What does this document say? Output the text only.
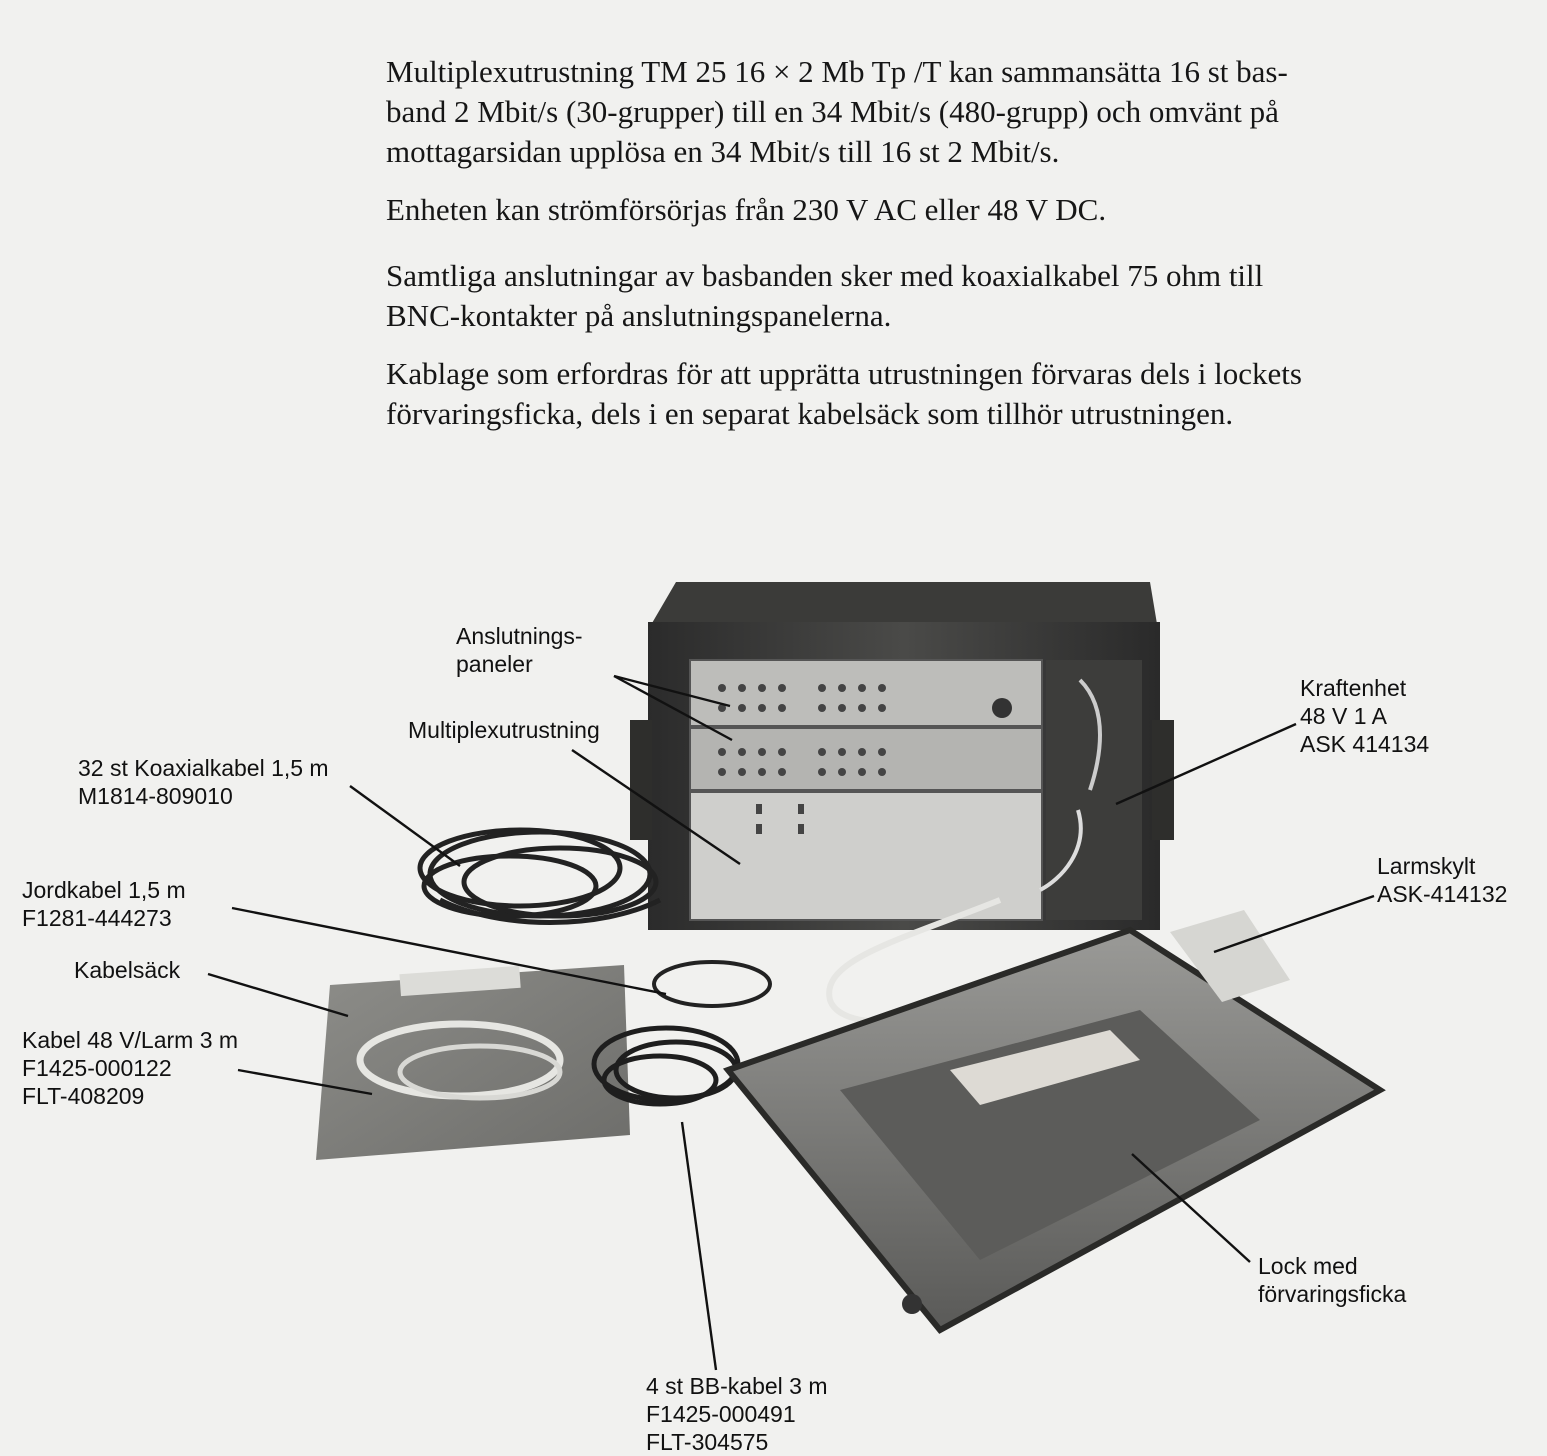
Multiplexutrustning TM 25 16 × 2 Mb Tp /T kan sammansätta 16 st bas-
band 2 Mbit/s (30-grupper) till en 34 Mbit/s (480-grupp) och omvänt på
mottagarsidan upplösa en 34 Mbit/s till 16 st 2 Mbit/s.

Enheten kan strömförsörjas från 230 V AC eller 48 V DC.

Samtliga anslutningar av basbanden sker med koaxialkabel 75 ohm till
BNC-kontakter på anslutningspanelerna.

Kablage som erfordras för att upprätta utrustningen förvaras dels i lockets
förvaringsficka, dels i en separat kabelsäck som tillhör utrustningen.

Anslutnings-
paneler
Multiplexutrustning
32 st Koaxialkabel 1,5 m
M1814-809010
Kraftenhet
48 V 1 A
ASK 414134
Larmskylt
ASK-414132
Jordkabel 1,5 m
F1281-444273
Kabelsäck
Kabel 48 V/Larm 3 m
F1425-000122
FLT-408209
Lock med
förvaringsficka
4 st BB-kabel 3 m
F1425-000491
FLT-304575
